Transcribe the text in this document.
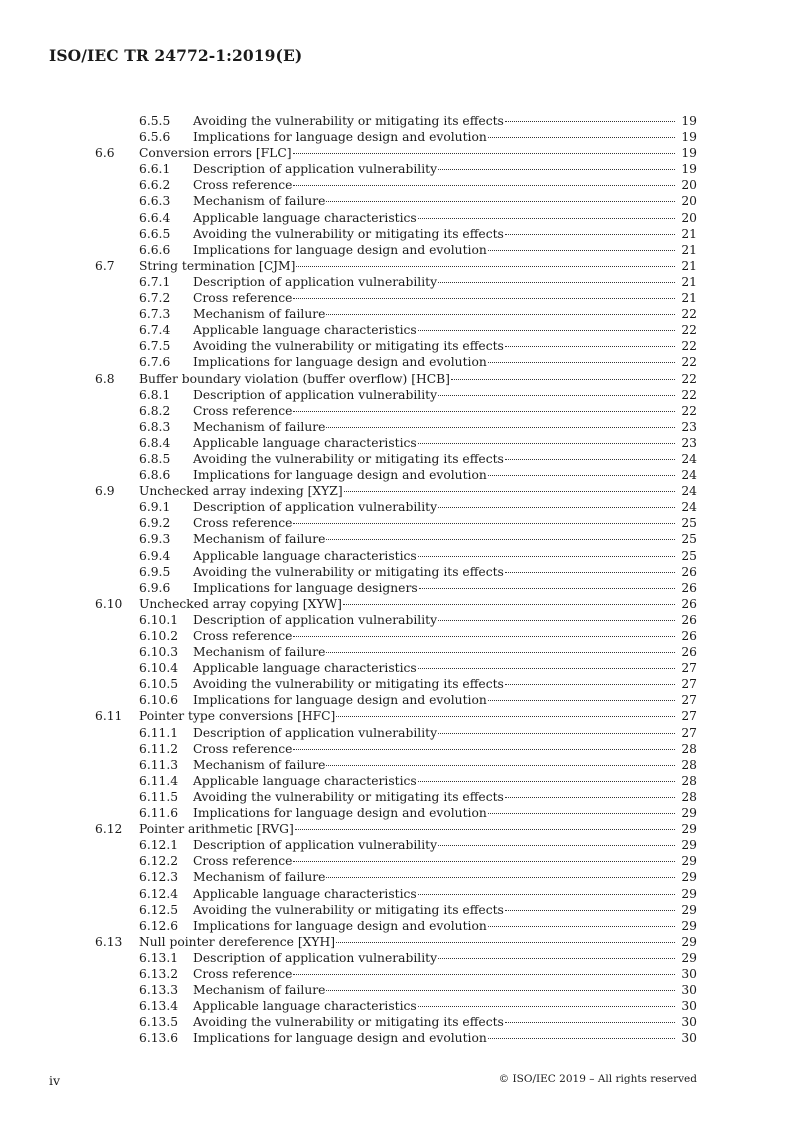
ISO/IEC TR 24772-1:2019(E)
6.5.5 Avoiding the vulnerability or mitigating its effects	19
6.5.6 Implications for language design and evolution	19
6.6 Conversion errors [FLC]	19
6.6.1 Description of application vulnerability	19
6.6.2 Cross reference	20
6.6.3 Mechanism of failure	20
6.6.4 Applicable language characteristics	20
6.6.5 Avoiding the vulnerability or mitigating its effects	21
6.6.6 Implications for language design and evolution	21
6.7 String termination [CJM]	21
6.7.1 Description of application vulnerability	21
6.7.2 Cross reference	21
6.7.3 Mechanism of failure	22
6.7.4 Applicable language characteristics	22
6.7.5 Avoiding the vulnerability or mitigating its effects	22
6.7.6 Implications for language design and evolution	22
6.8 Buffer boundary violation (buffer overflow) [HCB]	22
6.8.1 Description of application vulnerability	22
6.8.2 Cross reference	22
6.8.3 Mechanism of failure	23
6.8.4 Applicable language characteristics	23
6.8.5 Avoiding the vulnerability or mitigating its effects	24
6.8.6 Implications for language design and evolution	24
6.9 Unchecked array indexing [XYZ]	24
6.9.1 Description of application vulnerability	24
6.9.2 Cross reference	25
6.9.3 Mechanism of failure	25
6.9.4 Applicable language characteristics	25
6.9.5 Avoiding the vulnerability or mitigating its effects	26
6.9.6 Implications for language designers	26
6.10 Unchecked array copying [XYW]	26
6.10.1 Description of application vulnerability	26
6.10.2 Cross reference	26
6.10.3 Mechanism of failure	26
6.10.4 Applicable language characteristics	27
6.10.5 Avoiding the vulnerability or mitigating its effects	27
6.10.6 Implications for language design and evolution	27
6.11 Pointer type conversions [HFC]	27
6.11.1 Description of application vulnerability	27
6.11.2 Cross reference	28
6.11.3 Mechanism of failure	28
6.11.4 Applicable language characteristics	28
6.11.5 Avoiding the vulnerability or mitigating its effects	28
6.11.6 Implications for language design and evolution	29
6.12 Pointer arithmetic [RVG]	29
6.12.1 Description of application vulnerability	29
6.12.2 Cross reference	29
6.12.3 Mechanism of failure	29
6.12.4 Applicable language characteristics	29
6.12.5 Avoiding the vulnerability or mitigating its effects	29
6.12.6 Implications for language design and evolution	29
6.13 Null pointer dereference [XYH]	29
6.13.1 Description of application vulnerability	29
6.13.2 Cross reference	30
6.13.3 Mechanism of failure	30
6.13.4 Applicable language characteristics	30
6.13.5 Avoiding the vulnerability or mitigating its effects	30
6.13.6 Implications for language design and evolution	30
iv	© ISO/IEC 2019 – All rights reserved
